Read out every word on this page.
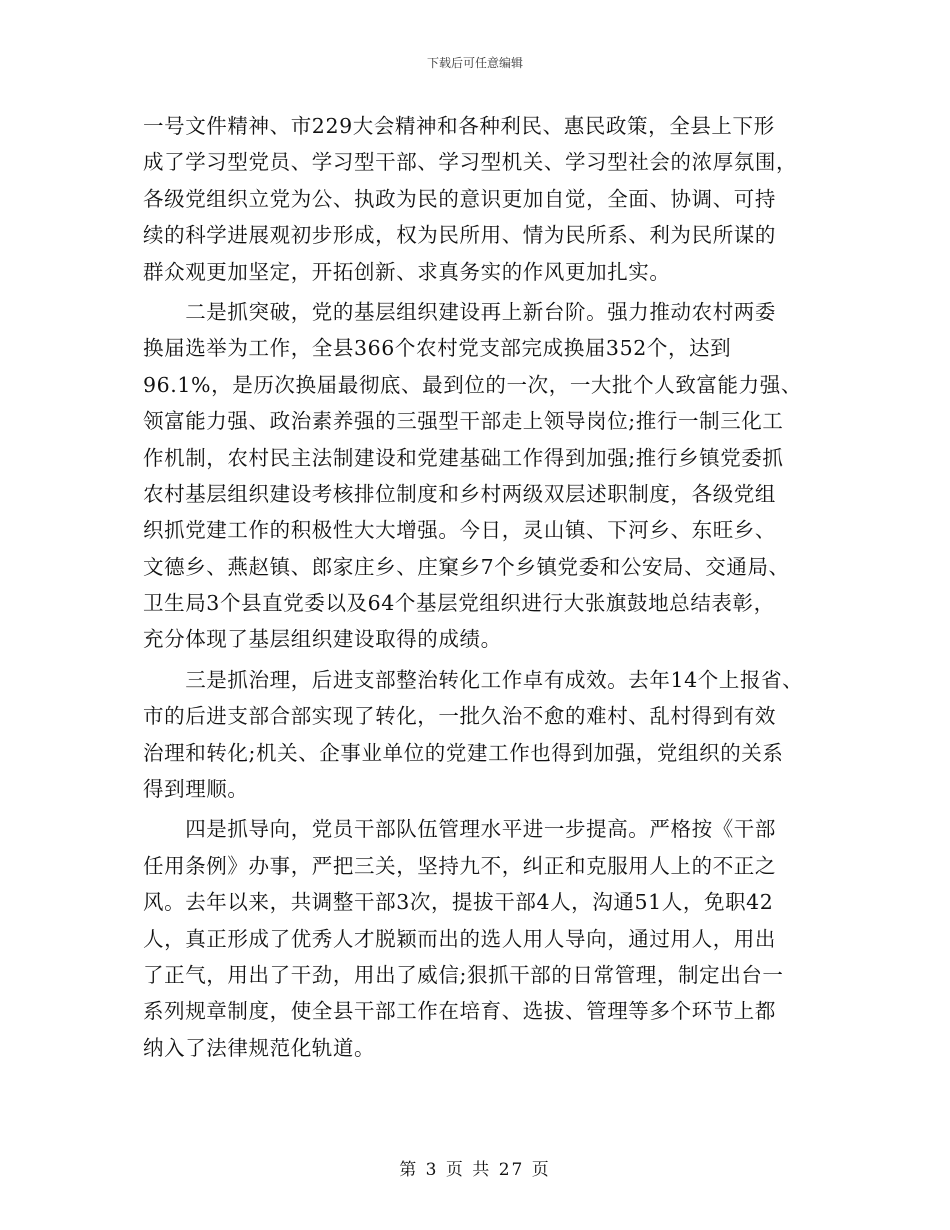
下载后可任意编辑
一号文件精神、市229大会精神和各种利民、惠民政策，全县上下形
成了学习型党员、学习型干部、学习型机关、学习型社会的浓厚氛围，
各级党组织立党为公、执政为民的意识更加自觉，全面、协调、可持
续的科学进展观初步形成，权为民所用、情为民所系、利为民所谋的
群众观更加坚定，开拓创新、求真务实的作风更加扎实。
　　二是抓突破，党的基层组织建设再上新台阶。强力推动农村两委
换届选举为工作，全县366个农村党支部完成换届352个，达到
96.1%，是历次换届最彻底、最到位的一次，一大批个人致富能力强、
领富能力强、政治素养强的三强型干部走上领导岗位;推行一制三化工
作机制，农村民主法制建设和党建基础工作得到加强;推行乡镇党委抓
农村基层组织建设考核排位制度和乡村两级双层述职制度，各级党组
织抓党建工作的积极性大大增强。今日，灵山镇、下河乡、东旺乡、
文德乡、燕赵镇、郎家庄乡、庄窠乡7个乡镇党委和公安局、交通局、
卫生局3个县直党委以及64个基层党组织进行大张旗鼓地总结表彰，
充分体现了基层组织建设取得的成绩。
　　三是抓治理，后进支部整治转化工作卓有成效。去年14个上报省、
市的后进支部合部实现了转化，一批久治不愈的难村、乱村得到有效
治理和转化;机关、企事业单位的党建工作也得到加强，党组织的关系
得到理顺。
　　四是抓导向，党员干部队伍管理水平进一步提高。严格按《干部
任用条例》办事，严把三关，坚持九不，纠正和克服用人上的不正之
风。去年以来，共调整干部3次，提拔干部4人，沟通51人，免职42
人，真正形成了优秀人才脱颖而出的选人用人导向，通过用人，用出
了正气，用出了干劲，用出了威信;狠抓干部的日常管理，制定出台一
系列规章制度，使全县干部工作在培育、选拔、管理等多个环节上都
纳入了法律规范化轨道。
第 3 页 共 27 页
